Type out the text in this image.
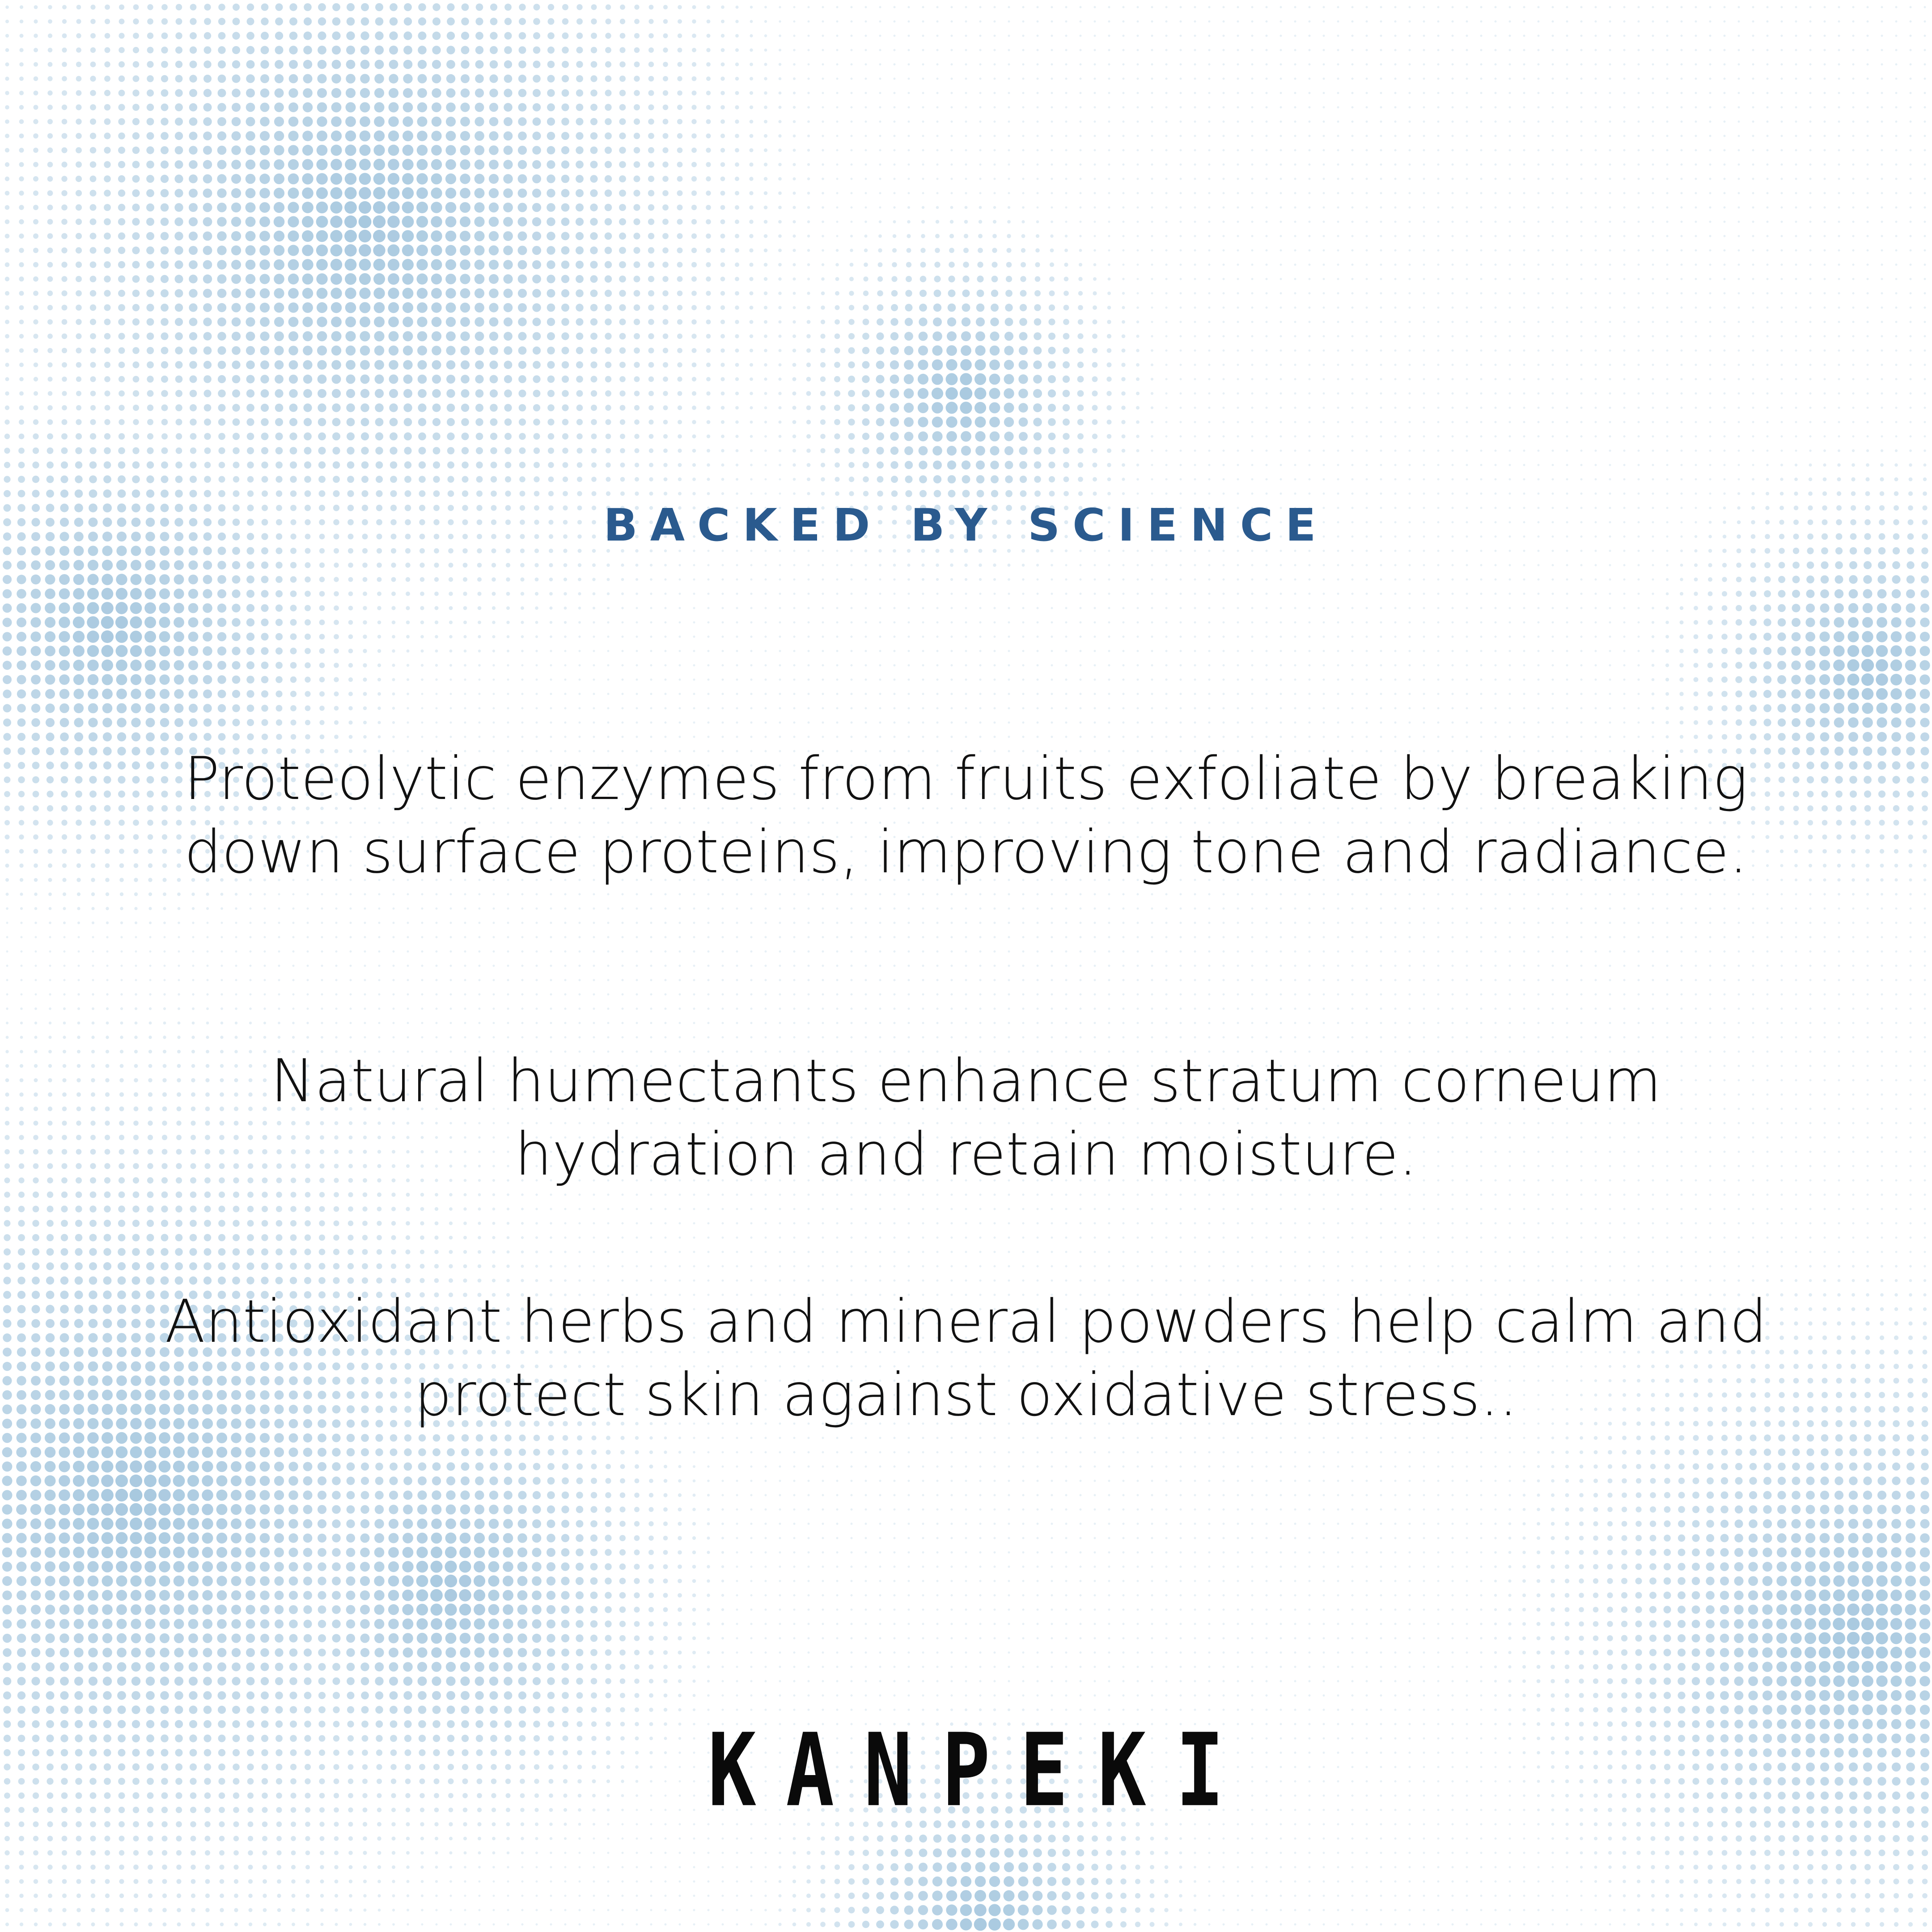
BACKED BY SCIENCE

Proteolytic enzymes from fruits exfoliate by breaking down surface proteins, improving tone and radiance.

Natural humectants enhance stratum corneum hydration and retain moisture.

Antioxidant herbs and mineral powders help calm and protect skin against oxidative stress..

KANPEKI
